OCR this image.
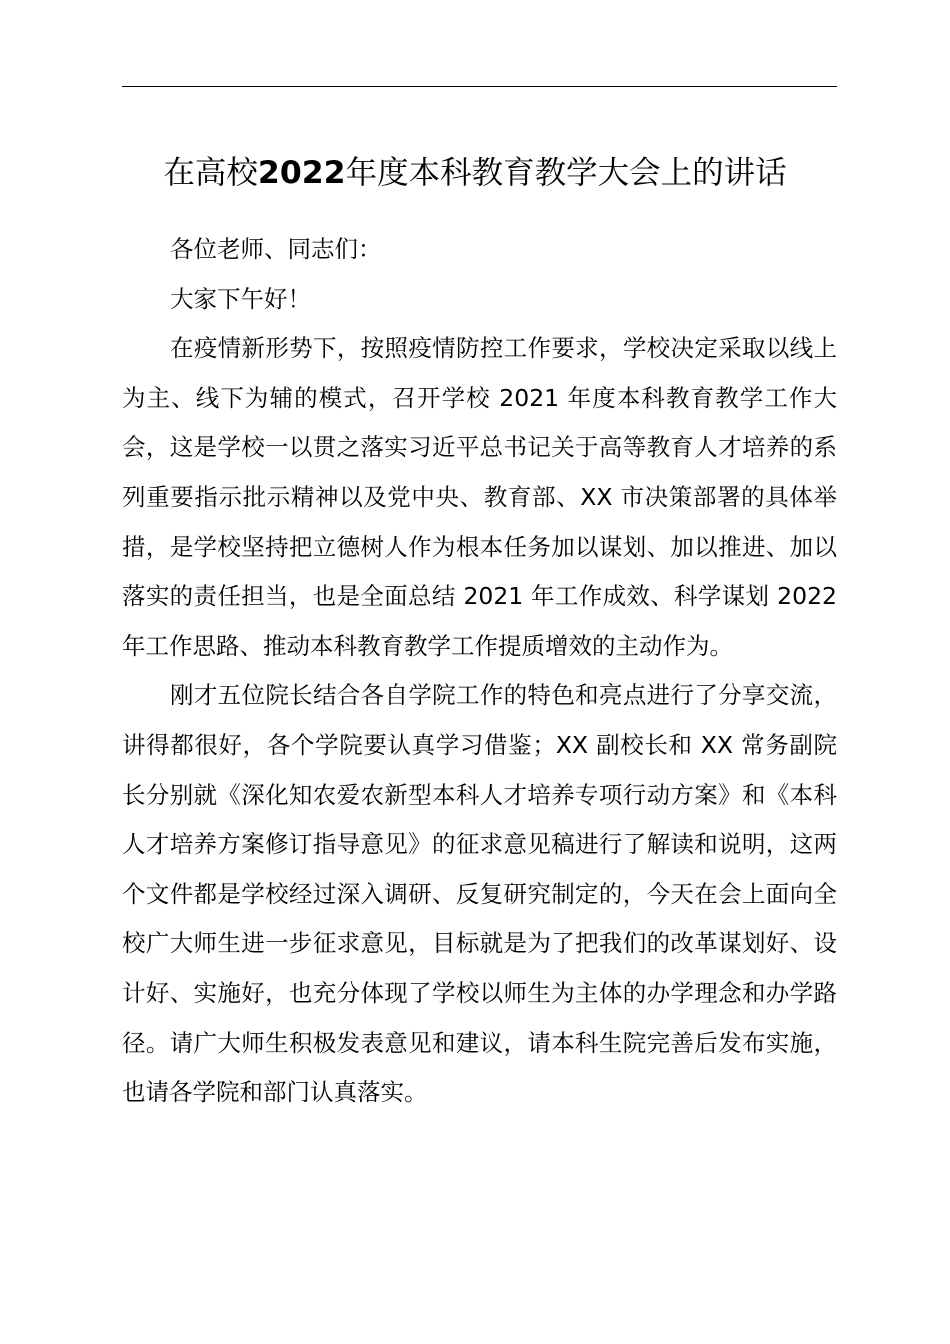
在高校2022年度本科教育教学大会上的讲话

各位老师、同志们：

大家下午好！

在疫情新形势下，按照疫情防控工作要求，学校决定采取以线上为主、线下为辅的模式，召开学校 2021 年度本科教育教学工作大会，这是学校一以贯之落实习近平总书记关于高等教育人才培养的系列重要指示批示精神以及党中央、教育部、XX 市决策部署的具体举措，是学校坚持把立德树人作为根本任务加以谋划、加以推进、加以落实的责任担当，也是全面总结 2021 年工作成效、科学谋划 2022 年工作思路、推动本科教育教学工作提质增效的主动作为。

刚才五位院长结合各自学院工作的特色和亮点进行了分享交流，讲得都很好，各个学院要认真学习借鉴；XX 副校长和 XX 常务副院长分别就《深化知农爱农新型本科人才培养专项行动方案》和《本科人才培养方案修订指导意见》的征求意见稿进行了解读和说明，这两个文件都是学校经过深入调研、反复研究制定的，今天在会上面向全校广大师生进一步征求意见，目标就是为了把我们的改革谋划好、设计好、实施好，也充分体现了学校以师生为主体的办学理念和办学路径。请广大师生积极发表意见和建议，请本科生院完善后发布实施，也请各学院和部门认真落实。
